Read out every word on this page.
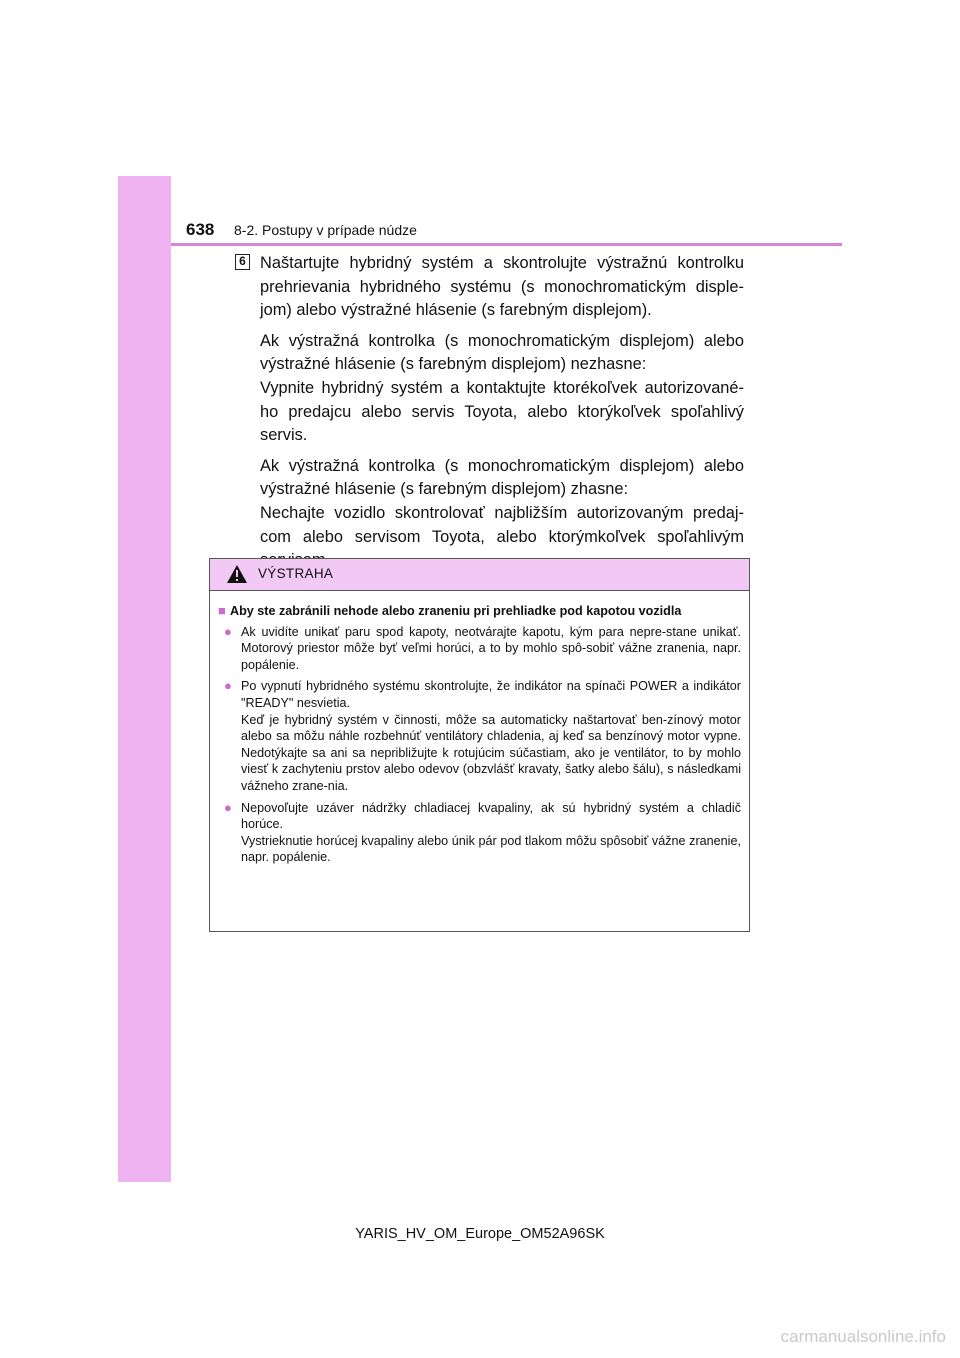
638 8-2. Postupy v prípade núdze
6 Naštartujte hybridný systém a skontrolujte výstražnú kontrolku prehrievania hybridného systému (s monochromatickým disple-jom) alebo výstražné hlásenie (s farebným displejom).

Ak výstražná kontrolka (s monochromatickým displejom) alebo výstražné hlásenie (s farebným displejom) nezhasne:
Vypnite hybridný systém a kontaktujte ktorékoľvek autorizované-ho predajcu alebo servis Toyota, alebo ktorýkoľvek spoľahlivý servis.

Ak výstražná kontrolka (s monochromatickým displejom) alebo výstražné hlásenie (s farebným displejom) zhasne:
Nechajte vozidlo skontrolovať najbližším autorizovaným predaj-com alebo servisom Toyota, alebo ktorýmkoľvek spoľahlivým

VÝSTRAHA
■ Aby ste zabránili nehode alebo zraneniu pri prehliadke pod kapotou vozidla
● Ak uvidíte unikať paru spod kapoty, neotvárajte kapotu, kým para nepre-stane unikať. Motorový priestor môže byť veľmi horúci, a to by mohlo spô-sobiť vážne zranenia, napr. popálenie.
● Po vypnutí hybridného systému skontrolujte, že indikátor na spínači POWER a indikátor "READY" nesvietia.
Keď je hybridný systém v činnosti, môže sa automaticky naštartovať ben-zínový motor alebo sa môžu náhle rozbehnúť ventilátory chladenia, aj keď sa benzínový motor vypne. Nedotýkajte sa ani sa nepribližujte k rotujúcim súčastiam, ako je ventilátor, to by mohlo viesť k zachyteniu prstov alebo odevov (obzvlášť kravaty, šatky alebo šálu), s následkami vážneho zrane-nia.
● Nepovoľujte uzáver nádržky chladiacej kvapaliny, ak sú hybridný systém a chladič horúce.
Vystrieknutie horúcej kvapaliny alebo únik pár pod tlakom môžu spôsobiť vážne zranenie, napr. popálenie.
YARIS_HV_OM_Europe_OM52A96SK
carmanualsonline.info
